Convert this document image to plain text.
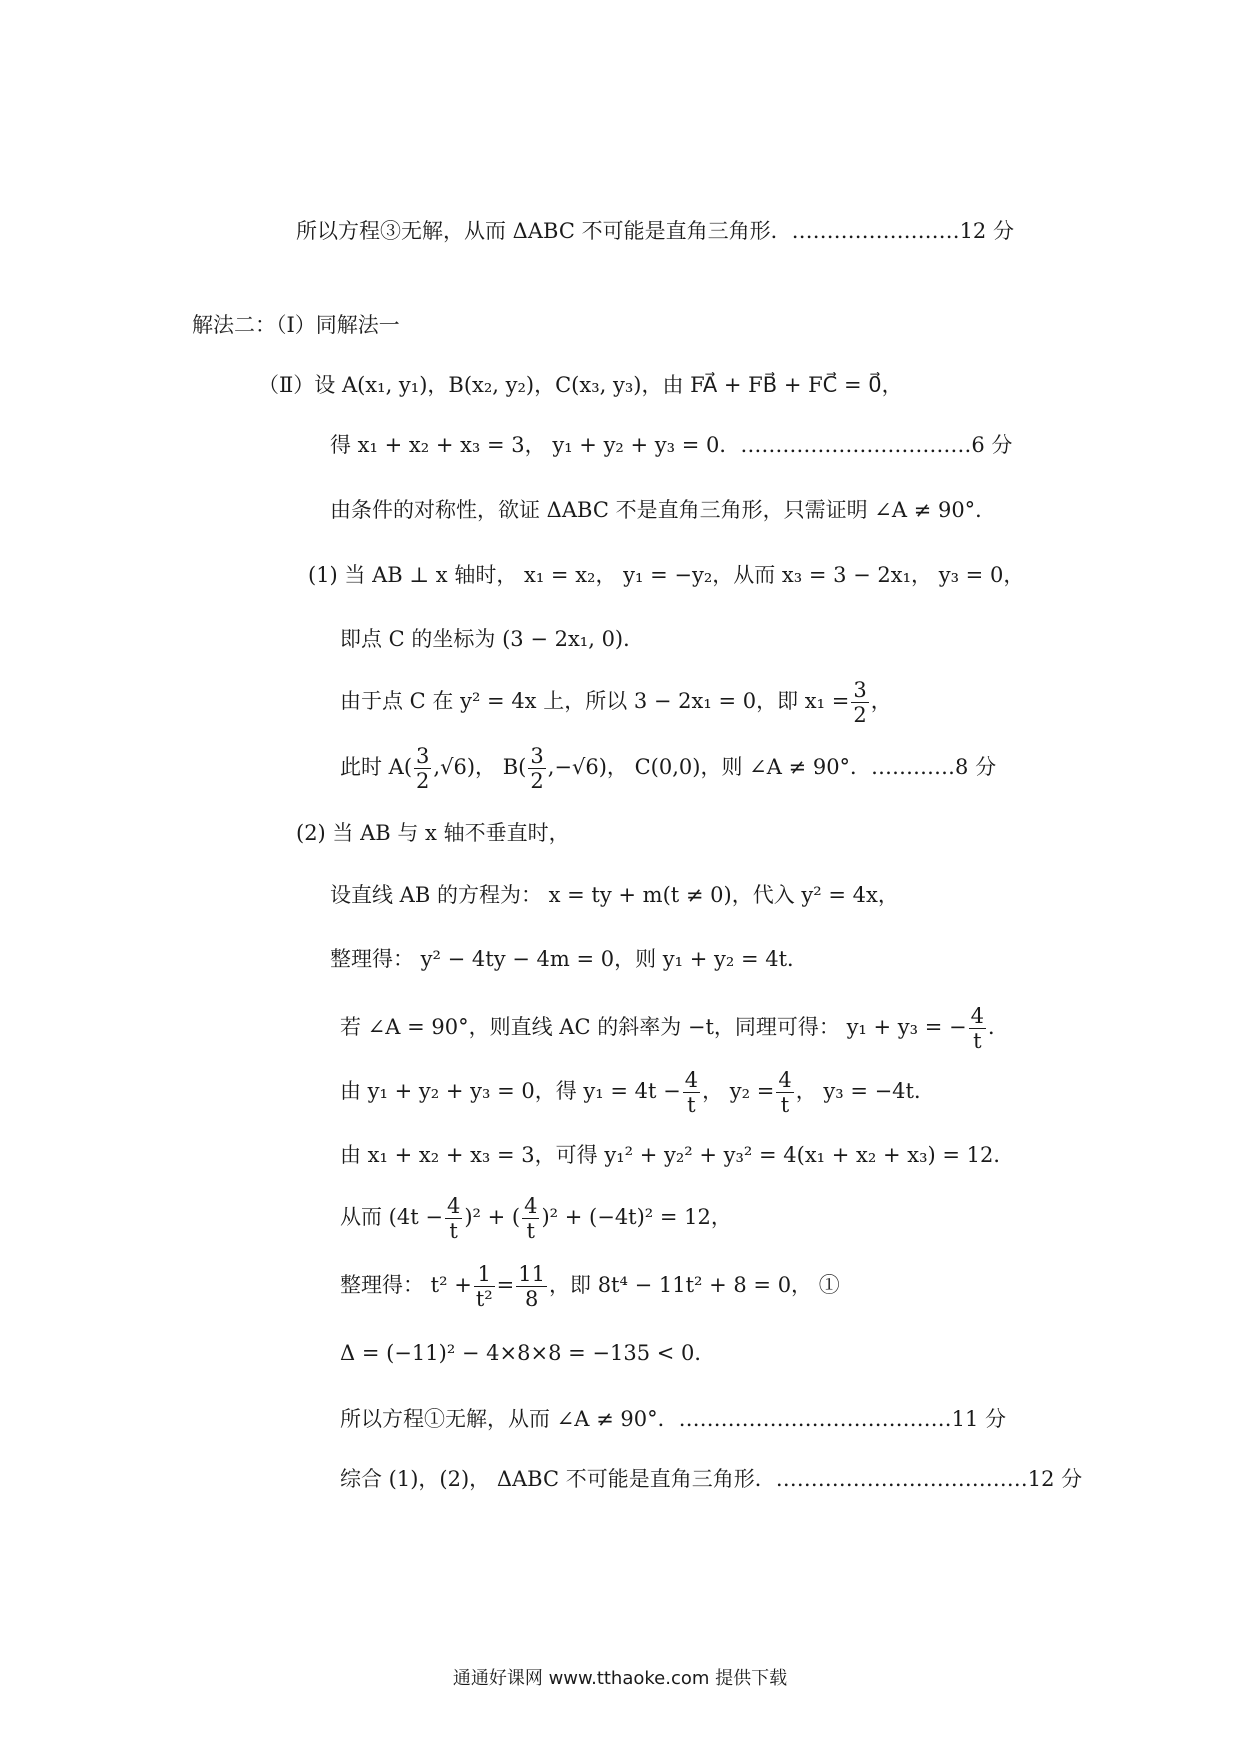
所以方程③无解，从而 ΔABC 不可能是直角三角形．……………………12 分
解法二：（Ⅰ）同解法一
（Ⅱ）设 A(x₁, y₁)，B(x₂, y₂)，C(x₃, y₃)，由 FA⃗ + FB⃗ + FC⃗ = 0⃗，
得 x₁ + x₂ + x₃ = 3， y₁ + y₂ + y₃ = 0．……………………………6 分
由条件的对称性，欲证 ΔABC 不是直角三角形，只需证明 ∠A ≠ 90°．
(1) 当 AB ⊥ x 轴时， x₁ = x₂， y₁ = −y₂，从而 x₃ = 3 − 2x₁， y₃ = 0，
即点 C 的坐标为 (3 − 2x₁, 0)．
由于点 C 在 y² = 4x 上，所以 3 − 2x₁ = 0，即 $x_1 = \frac{3}{2}$ ，
此时 $A( \frac{3}{2} ,√6)$， $B( \frac{3}{2} ,-√6)$， C(0,0)，则 ∠A ≠ 90°．…………8 分
(2) 当 AB 与 x 轴不垂直时，
设直线 AB 的方程为： x = ty + m(t ≠ 0)，代入 y² = 4x，
整理得： y² − 4ty − 4m = 0，则 y₁ + y₂ = 4t．
若 ∠A = 90°，则直线 AC 的斜率为 −t，同理可得： y₁ + y₃ = − $\frac{4}{t}$ ．
由 y₁ + y₂ + y₃ = 0，得 $y_1 = 4t - \frac{4}{t}$ ， $y_2 = \frac{4}{t}$ ， y₃ = −4t．
由 x₁ + x₂ + x₃ = 3，可得 y₁² + y₂² + y₃² = 4(x₁ + x₂ + x₃) = 12．
从而 $(4t - \frac{4}{t} )^2$ + ( $\frac{4}{t} )^2 + (-4t)^2 = 12$，
整理得： $t^2 + \frac{1}{\text{t²}} = \frac{11}{8}$ ，即 8t⁴ − 11t² + 8 = 0， ①
Δ = (−11)² − 4×8×8 = −135 < 0．
所以方程①无解，从而 ∠A ≠ 90°．…………………………………11 分
综合 (1)，(2)， ΔABC 不可能是直角三角形．………………………………12 分
通通好课网 www.tthaoke.com 提供下载
